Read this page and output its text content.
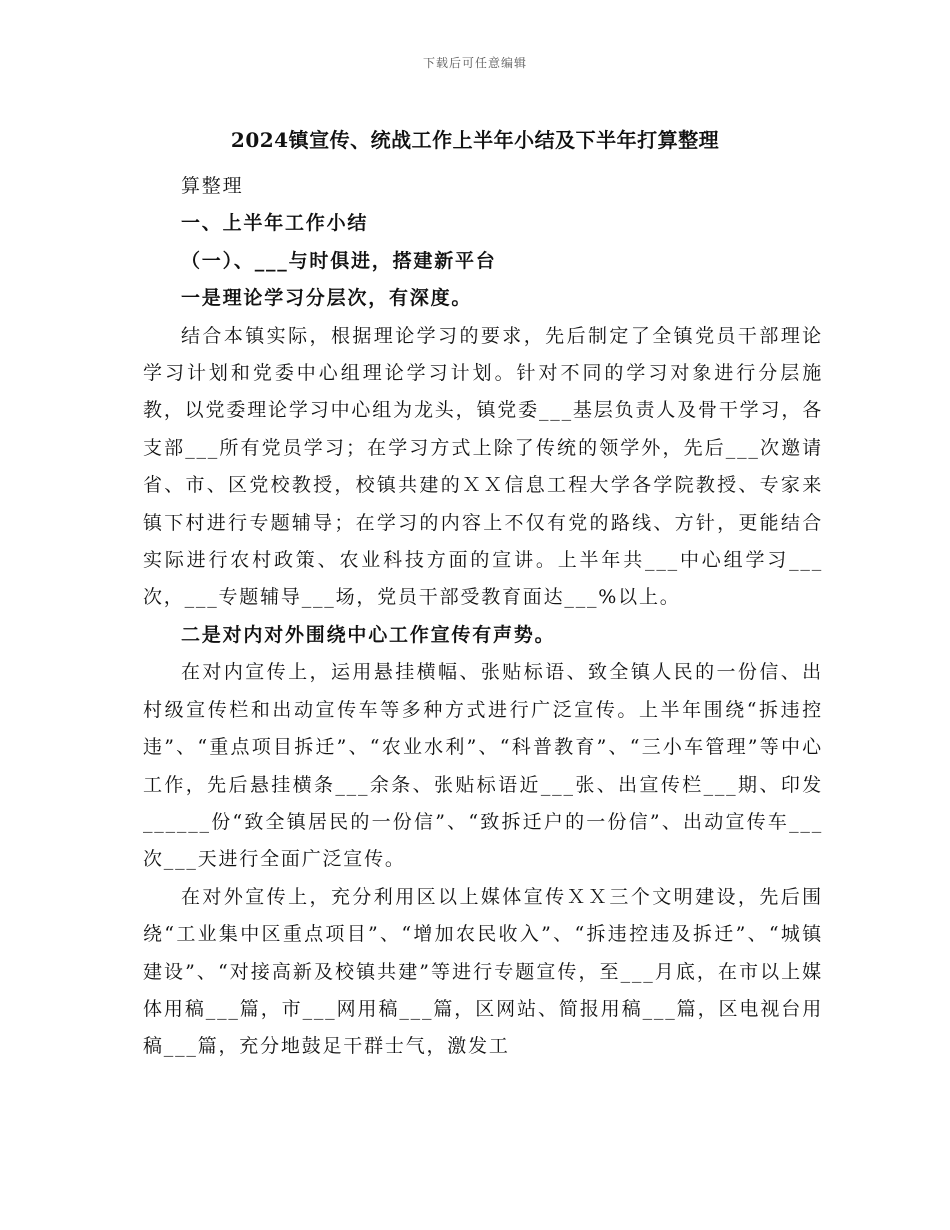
下载后可任意编辑
2024镇宣传、统战工作上半年小结及下半年打算整理

算整理

一、上半年工作小结

（一）、___与时俱进，搭建新平台

一是理论学习分层次，有深度。

结合本镇实际，根据理论学习的要求，先后制定了全镇党员干部理论学习计划和党委中心组理论学习计划。针对不同的学习对象进行分层施教，以党委理论学习中心组为龙头，镇党委___基层负责人及骨干学习，各支部___所有党员学习；在学习方式上除了传统的领学外，先后___次邀请省、市、区党校教授，校镇共建的ＸＸ信息工程大学各学院教授、专家来镇下村进行专题辅导；在学习的内容上不仅有党的路线、方针，更能结合实际进行农村政策、农业科技方面的宣讲。上半年共___中心组学习___次，___专题辅导___场，党员干部受教育面达___%以上。

二是对内对外围绕中心工作宣传有声势。

在对内宣传上，运用悬挂横幅、张贴标语、致全镇人民的一份信、出村级宣传栏和出动宣传车等多种方式进行广泛宣传。上半年围绕“拆违控违”、“重点项目拆迁”、“农业水利”、“科普教育”、“三小车管理”等中心工作，先后悬挂横条___余条、张贴标语近___张、出宣传栏___期、印发______份“致全镇居民的一份信”、“致拆迁户的一份信”、出动宣传车___次___天进行全面广泛宣传。

在对外宣传上，充分利用区以上媒体宣传ＸＸ三个文明建设，先后围绕“工业集中区重点项目”、“增加农民收入”、“拆违控违及拆迁”、“城镇建设”、“对接高新及校镇共建”等进行专题宣传，至___月底，在市以上媒体用稿___篇，市___网用稿___篇，区网站、简报用稿___篇，区电视台用稿___篇，充分地鼓足干群士气，激发工
